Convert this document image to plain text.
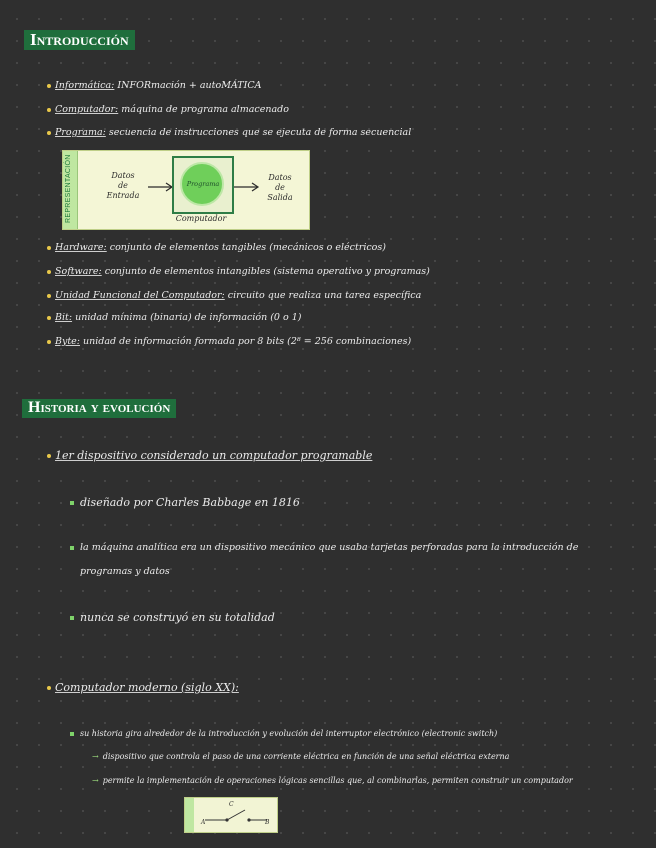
Introducción
Informática: INFORmación + autoMÁTICA
Computador: máquina de programa almacenado
Programa: secuencia de instrucciones que se ejecuta de forma secuencial
REPRESENTACIÓN	Datos
de
Entrada
Programa
Datos
de
Salida
Computador
Hardware: conjunto de elementos tangibles (mecánicos o eléctricos)
Software: conjunto de elementos intangibles (sistema operativo y programas)
Unidad Funcional del Computador: circuito que realiza una tarea específica
Bit: unidad mínima (binaria) de información (0 o 1)
Byte: unidad de información formada por 8 bits (2⁸ = 256 combinaciones)
Historia y evolución
1er dispositivo considerado un computador programable
diseñado por Charles Babbage en 1816
la máquina analítica era un dispositivo mecánico que usaba tarjetas perforadas para la introducción de
programas y datos
nunca se construyó en su totalidad
Computador moderno (siglo XX):
su historia gira alrededor de la introducción y evolución del interruptor electrónico (electronic switch)
→ dispositivo que controla el paso de una corriente eléctrica en función de una señal eléctrica externa
→ permite la implementación de operaciones lógicas sencillas que, al combinarlas, permiten construir un computador
A
C
B
